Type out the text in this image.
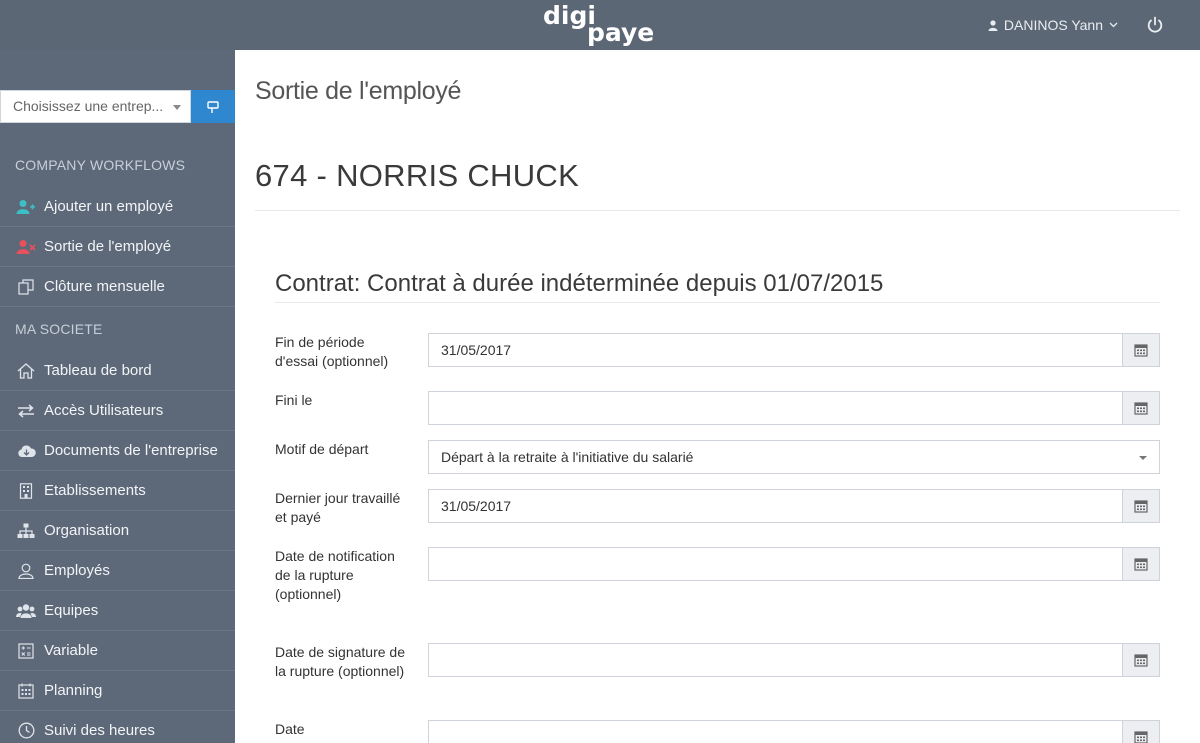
digi
paye	DANINOS Yann
Choisissez une entrep...
COMPANY WORKFLOWS
Ajouter un employé
Sortie de l'employé
Clôture mensuelle
MA SOCIETE
Tableau de bord
Accès Utilisateurs
Documents de l'entreprise
Etablissements
Organisation
Employés
Equipes
Variable
Planning
Suivi des heures
Sortie de l'employé
674 - NORRIS CHUCK
Contrat: Contrat à durée indéterminée depuis 01/07/2015
Fin de période d'essai (optionnel)
31/05/2017
Fini le
Motif de départ	Départ à la retraite à l'initiative du salarié
Dernier jour travaillé et payé
31/05/2017
Date de notification de la rupture (optionnel)
Date de signature de la rupture (optionnel)
Date
